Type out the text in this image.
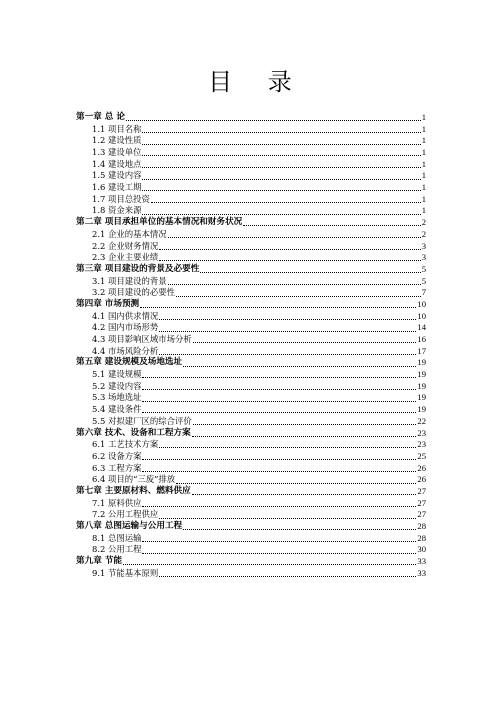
目 录
第一章 总 论	1
1.1 项目名称	1
1.2 建设性质	1
1.3 建设单位	1
1.4 建设地点	1
1.5 建设内容	1
1.6 建设工期	1
1.7 项目总投资	1
1.8 资金来源	1
第二章 项目承担单位的基本情况和财务状况	2
2.1 企业的基本情况	2
2.2 企业财务情况	3
2.3 企业主要业绩	3
第三章 项目建设的背景及必要性	5
3.1 项目建设的背景	5
3.2 项目建设的必要性	7
第四章 市场预测	10
4.1 国内供求情况	10
4.2 国内市场形势	14
4.3 项目影响区域市场分析	16
4.4 市场风险分析	17
第五章 建设规模及场地选址	19
5.1 建设规模	19
5.2 建设内容	19
5.3 场地选址	19
5.4 建设条件	19
5.5 对拟建厂区的综合评价	22
第六章 技术、设备和工程方案	23
6.1 工艺技术方案	23
6.2 设备方案	25
6.3 工程方案	26
6.4 项目的“三废”排放	26
第七章 主要原材料、燃料供应	27
7.1 原料供应	27
7.2 公用工程供应	27
第八章 总图运输与公用工程	28
8.1 总图运输	28
8.2 公用工程	30
第九章 节能	33
9.1 节能基本原则	33
